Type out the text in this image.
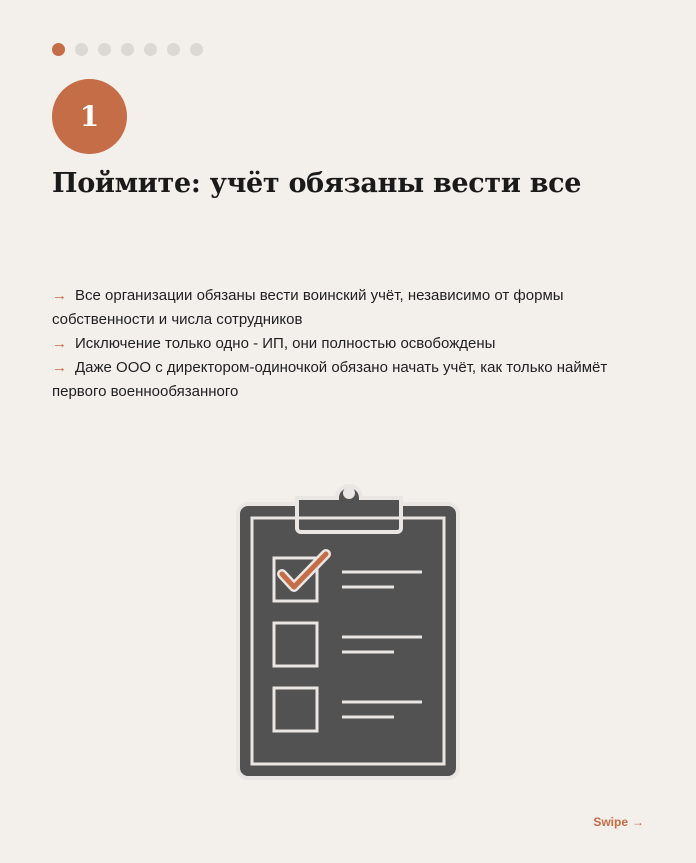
1
Поймите: учёт обязаны вести все

→ Все организации обязаны вести воинский учёт, независимо от формы собственности и числа сотрудников

→ Исключение только одно - ИП, они полностью освобождены

→ Даже ООО с директором-одиночкой обязано начать учёт, как только наймёт первого военнообязанного

Swipe →
